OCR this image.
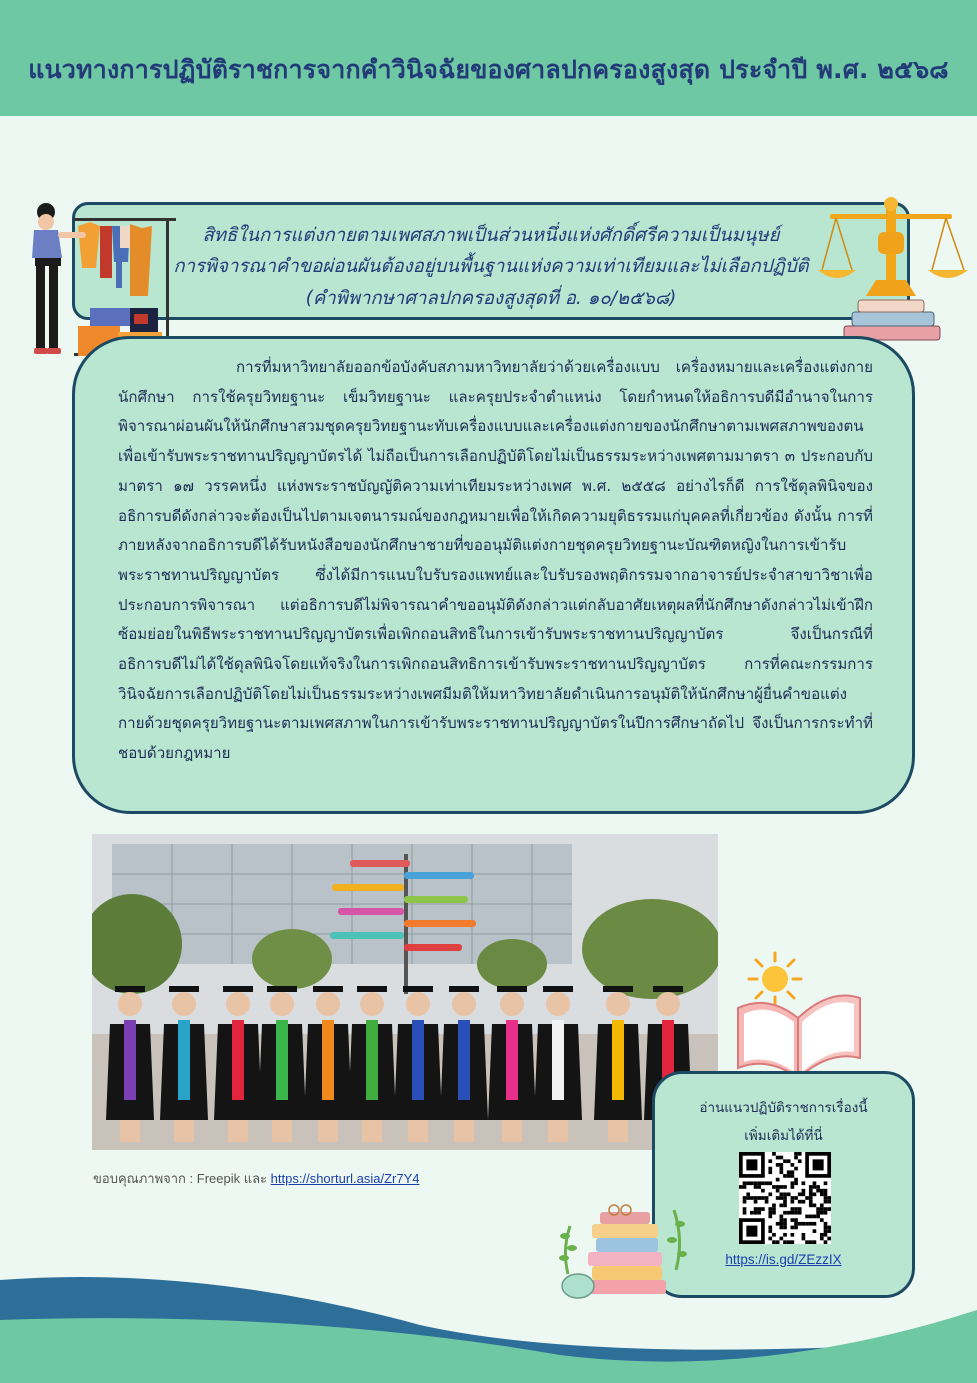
แนวทางการปฏิบัติราชการจากคำวินิจฉัยของศาลปกครองสูงสุด ประจำปี พ.ศ. ๒๕๖๘
สิทธิในการแต่งกายตามเพศสภาพเป็นส่วนหนึ่งแห่งศักดิ์ศรีความเป็นมนุษย์
การพิจารณาคำขอผ่อนผันต้องอยู่บนพื้นฐานแห่งความเท่าเทียมและไม่เลือกปฏิบัติ
(คำพิพากษาศาลปกครองสูงสุดที่ อ. ๑๐/๒๕๖๘)
การที่มหาวิทยาลัยออกข้อบังคับสภามหาวิทยาลัยว่าด้วยเครื่องแบบ เครื่องหมายและเครื่องแต่งกายนักศึกษา การใช้ครุยวิทยฐานะ เข็มวิทยฐานะ และครุยประจำตำแหน่ง โดยกำหนดให้อธิการบดีมีอำนาจในการพิจารณาผ่อนผันให้นักศึกษาสวมชุดครุยวิทยฐานะทับเครื่องแบบและเครื่องแต่งกายของนักศึกษาตามเพศสภาพของตนเพื่อเข้ารับพระราชทานปริญญาบัตรได้ ไม่ถือเป็นการเลือกปฏิบัติโดยไม่เป็นธรรมระหว่างเพศตามมาตรา ๓ ประกอบกับมาตรา ๑๗ วรรคหนึ่ง แห่งพระราชบัญญัติความเท่าเทียมระหว่างเพศ พ.ศ. ๒๕๕๘ อย่างไรก็ดี การใช้ดุลพินิจของอธิการบดีดังกล่าวจะต้องเป็นไปตามเจตนารมณ์ของกฎหมายเพื่อให้เกิดความยุติธรรมแก่บุคคลที่เกี่ยวข้อง ดังนั้น การที่ภายหลังจากอธิการบดีได้รับหนังสือของนักศึกษาชายที่ขออนุมัติแต่งกายชุดครุยวิทยฐานะบัณฑิตหญิงในการเข้ารับพระราชทานปริญญาบัตร ซึ่งได้มีการแนบใบรับรองแพทย์และใบรับรองพฤติกรรมจากอาจารย์ประจำสาขาวิชาเพื่อประกอบการพิจารณา แต่อธิการบดีไม่พิจารณาคำขออนุมัติดังกล่าวแต่กลับอาศัยเหตุผลที่นักศึกษาดังกล่าวไม่เข้าฝึกซ้อมย่อยในพิธีพระราชทานปริญญาบัตรเพื่อเพิกถอนสิทธิในการเข้ารับพระราชทานปริญญาบัตร จึงเป็นกรณีที่อธิการบดีไม่ได้ใช้ดุลพินิจโดยแท้จริงในการเพิกถอนสิทธิการเข้ารับพระราชทานปริญญาบัตร การที่คณะกรรมการวินิจฉัยการเลือกปฏิบัติโดยไม่เป็นธรรมระหว่างเพศมีมติให้มหาวิทยาลัยดำเนินการอนุมัติให้นักศึกษาผู้ยื่นคำขอแต่งกายด้วยชุดครุยวิทยฐานะตามเพศสภาพในการเข้ารับพระราชทานปริญญาบัตรในปีการศึกษาถัดไป จึงเป็นการกระทำที่ชอบด้วยกฎหมาย
ขอบคุณภาพจาก : Freepik และ https://shorturl.asia/Zr7Y4
อ่านแนวปฏิบัติราชการเรื่องนี้
เพิ่มเติมได้ที่นี่
https://is.gd/ZEzzIX
